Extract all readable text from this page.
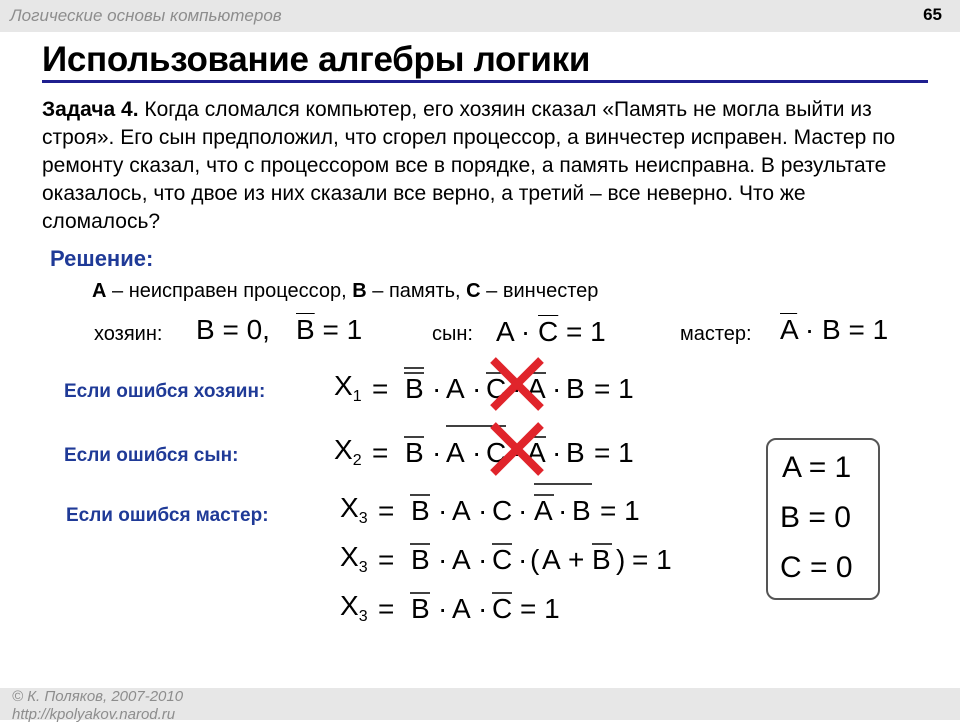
Логические основы компьютеров	65
Использование алгебры логики
Задача 4. Когда сломался компьютер, его хозяин сказал «Память не могла выйти из строя». Его сын предположил, что сгорел процессор, а винчестер исправен. Мастер по ремонту сказал, что с процессором все в порядке, а память неисправна. В результате оказалось, что двое из них сказали все верно, а третий – все неверно. Что же сломалось?
Решение:
A – неисправен процессор, B – память, C – винчестер
хозяин: B = 0, $\overline{B} = 1$	сын: $A \cdot \overline{C} = 1$	мастер: $\overline{A} \cdot B = 1$
Если ошибся хозяин: $X_1 = B \cdot A \cdot C$ A · B = 1
Если ошибся сын:	$X_2 = B \cdot A \cdot C$ A · B = 1
Если ошибся мастер:	$X_3 = B \cdot A \cdot C \cdot A \cdot B = 1$
$X_3 = B \cdot A \cdot C$ · ( A + B ) = 1
$X_3 = B \cdot A \cdot C = 1$
A = 1
B = 0
C = 0
© К. Поляков, 2007-2010
http://kpolyakov.narod.ru
